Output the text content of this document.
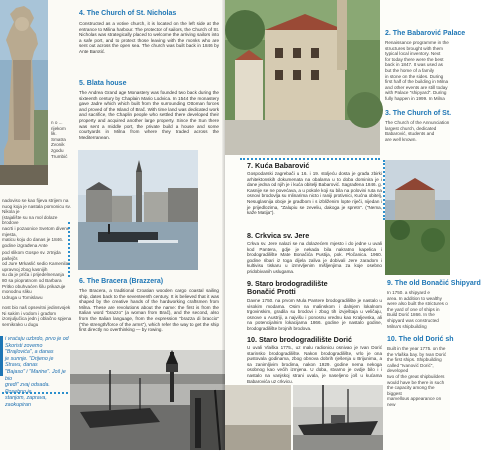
n o ...
rijekom
lik. Smatra
Zvonik
zgodu
Trumbić
4. The Church of St. Nicholas
Constructed as a votive church, it is located on the left side at the entrance to Milina harbour. The protector of sailors, the Church of St. Nicholas was strategically placed to welcome the arriving sailors into a safe port, and to protect those leaving with the monks who are sent out across the open sea. The church was built back in 1846 by Ante Barotić.
5. Blata house
The Andrea Grand age Monastery was founded two back during the sixteenth century by Chaplain Mario Lodvica. In 1544 the monastery gave Jadre which which built from the surrounding Ottoman forces and proved of the Island of Brač. With time land was dedicated work and sacrifice, the Chaplin people who settled there developed their property and acquired another large property. Since the Sun there was sent a middle port, the private build a house and some courtyards in Milna from where they traded across the Mediterranean.
nadoviso se kao fijeva strijem na
nuog koja je nastala pomonicu sv. Nikola je
(stajalište su na mol dolaze brodove
nacrti i pozaonice Svetom divene mjesta,
maticu koju do danas je 1846.
godine izgrađena Ante
pod slikom Gospe sv. zrtnjda pašejčs
od Jure Mrkaslić sedio Kamenilar
upravnoj zbog kasnijih
su da je priča i prijedelnenanja
80 sa piopratnom od Barbara
Pritko obuhvaćen šilu prikazuje
monodnu sliku
Udruga u Tomislavu
6. The Bracera (Brazzera)
The Bracera, a traditional Croatian wooden cargo coastal sailing ship, dates back to the seventeenth century. It is believed that it was shaped by the creative hands of the hardworking craftsmen from Milna. These are revolutions about the name: the first is from the Italian word "brazzo" (a woman from Brač), and the second, also from the Italian language, from the expression "brazza di braccio" ("the strength/force of the arms"), which refer the way to get the ship first directly no overthinking — by rowing.
nost bio naš opsevitni jedinsvojek
Ni sakim i vodom i građom
izonjuljučica jedn j oblačno spjena
semikrako u dugu
i vraćaju uzbrdo, prvo je od
Skoristi zovemo "Brajlovića", a danas
je sunnje. "Drijeno je Stravu, danas
"Bajaso" i "Marine". Još je bio
gredi" zvaj odsada. Posebno je
stanjom, zaprava, zaokupiran
2. The Babarović Palace
Renaissance programme in the
structures brought with them
typical local inventory. Next
for today there were the best
back in 1847. It was used as
but the home of a family
in stone on the sides. During
first half of the building in Milna
and other events are still today
with Palace "shipyard". During
fully happen in 1999. In Milna
3. The Church of St.
The Church of the Annunciation
largest church, dedicated
Babarović, students and
are well known.
7. Kuća Babarović
Gospodarski zagrebači u 16. i 19. stoljeću dosta je građa zbirki arhitektonskih dokumenata na obalama u to doba dominira je i dane jedna od njih je i kuća obitelji Babarović. Sagrađena 1846. g. Kasnije se ne povećava, a u pokole koji su bila na polovini ruta na osnovi brodovlja su mlinarima nicto i raniji protivnici, Kućna obitelj, Nesuglasnija oboje je gradbom i s izbliženim lopte riječi, nijedan i je prijedlozima, "Zalupiu se zeveliu, dakoga je spretn". ("Nema, kaže Matija").
8. Crkvica sv. Jere
Crkva sv. Jere nalazi se na dolazećem mjesto i do jedne u uvali kod Pantera, gdje je nekada bila nakratno kapelica i brodogradilište Mate Bonačića Pustija, pok. Pločanica. 1960. godine ribari iz toga dijela zaliva je dobivali Jere zaradom i kultivisu tiskaru u izmrvljenim mišljenjima za koje osebno pridobivanih uslugama.
9. Staro brodogradilište
Bonačić Protti
Davne 1750. na prvom Mula Pantere brodogradilište je nastalo u visokim modama. Osim na malinskom i dalnjem lokalnom trgovinskim, gradila su brodovi i zbog tih izvještaja u veličaju, osnove u Austriji, a najvišu i ponosnu vrednu kao Kraljevska, ali na potencijalnim lokacijama 1866. godine je nastalo godine, brodogradilište brojnih brodova.
10. Staro brodogradilište Dorić
U uvali Vlaška 1775., uz malu radionicu osnivao je Ivan Dorić starinsko brodogradilište. Nakon brodogradilište, vrlo je ona pustovala godinama, zbog obnova dobrih rješenja u Brijunima, a sa zanimljivim brodima, nakon 1929. godine nema nekoga osobnog kao većih izmjena. U doba, stvarno je ovdje bilo i i nastalo na vanjskoj strani uvala, je naseljeno još u kućama Babarovića uz crkvicu.
9. The old Bonačić Shipyard
In 1750. a shipyard e
area. In addition to wealthy
were also built the strictures o
the yard of one of ships in
Build Dorić 1866. In the
shipyard was constructed
Milna's shipbuilding
10. The old Dorić sh
Built in the year 1775. on the
the Vlaška bay. by Ivan Dorić
the first ships. Shipbuilding
called "Ivanović Dorić", developed
two of the great shipbuilders
would have be there in such
the capacity among the biggest
marvellous appearance on new
